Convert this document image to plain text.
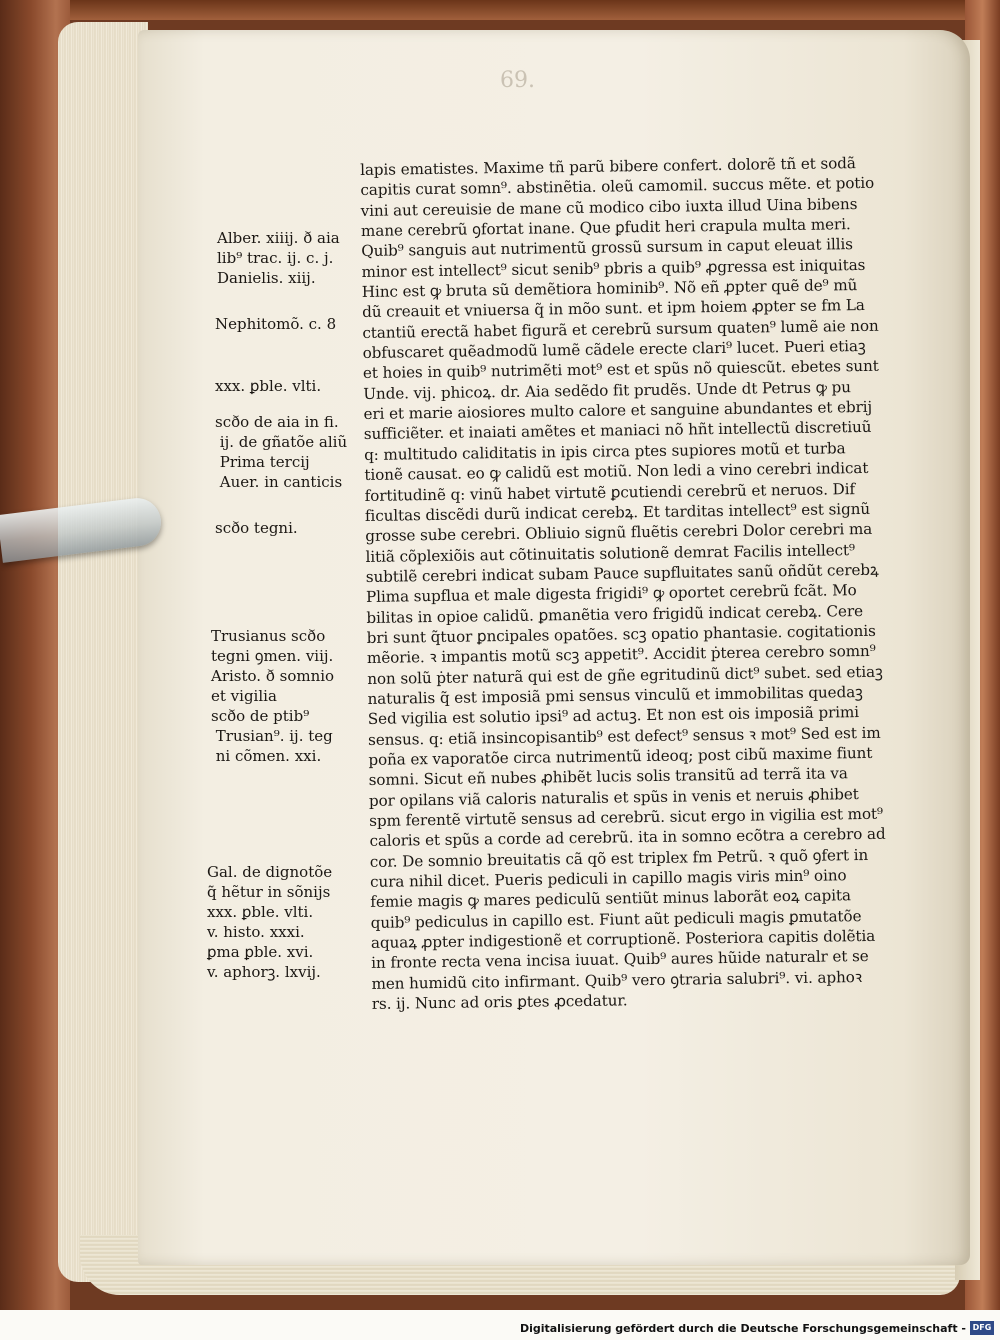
69.
Alber. xiiij. ð aia
lib⁹ trac. ij. c. j.
Danielis. xiij.
Nephitomõ. c. 8
xxx. ꝑble. vlti.
scðo de aia in fi.
ij. de gñatõe aliũ
Prima tercij
Auer. in canticis
scðo tegni.
Trusianus scðo
tegni ꝯmen. viij.
Aristo. ð somnio
et vigilia
scðo de ptib⁹
Trusian⁹. ij. teg
ni cõmen. xxi.
Gal. de dignotõe
q̃ hẽtur in sõnijs
xxx. ꝑble. vlti.
v. histo. xxxi.
ꝑma ꝑble. xvi.
v. aphorꝫ. lxvij.
lapis ematistes. Maxime tñ parũ bibere confert. dolorẽ tñ et sodã
capitis curat somn⁹. abstinẽtia. oleũ camomil. succus mẽte. et potio
vini aut cereuisie de mane cũ modico cibo iuxta illud Uina bibens
mane cerebrũ ꝯfortat inane. Que ꝑfudit heri crapula multa meri.
Quib⁹ sanguis aut nutrimentũ grossũ sursum in caput eleuat illis
minor est intellect⁹ sicut senib⁹ pbris a quib⁹ ꝓgressa est iniquitas
Hinc est ꝙ bruta sũ demẽtiora hominib⁹. Nõ eñ ꝓpter quẽ de⁹ mũ
dũ creauit et vniuersa q̃ in mõo sunt. et ipm hoiem ꝓpter se fm La
ctantiũ erectã habet figurã et cerebrũ sursum quaten⁹ lumẽ aie non
obfuscaret quẽadmodũ lumẽ cãdele erecte clari⁹ lucet. Pueri etiaꝫ
et hoies in quib⁹ nutrimẽti mot⁹ est et spũs nõ quiescũt. ebetes sunt
Unde. vij. phicoꝝ. dr. Aia sedẽdo fit prudẽs. Unde dt Petrus ꝙ pu
eri et marie aiosiores multo calore et sanguine abundantes et ebrij
sufficiẽter. et inaiati amẽtes et maniaci nõ hñt intellectũ discretiuũ
q: multitudo caliditatis in ipis circa ptes supiores motũ et turba
tionẽ causat. eo ꝙ calidũ est motiũ. Non ledi a vino cerebri indicat
fortitudinẽ q: vinũ habet virtutẽ ꝑcutiendi cerebrũ et neruos. Dif
ficultas discẽdi durũ indicat cerebꝝ. Et tarditas intellect⁹ est signũ
grosse sube cerebri. Obliuio signũ fluẽtis cerebri Dolor cerebri ma
litiã cõplexiõis aut cõtinuitatis solutionẽ demrat Facilis intellect⁹
subtilẽ cerebri indicat subam Pauce supfluitates sanũ oñdũt cerebꝝ
Plima supflua et male digesta frigidi⁹ ꝙ oportet cerebrũ fcãt. Mo
bilitas in opioe calidũ. ꝑmanẽtia vero frigidũ indicat cerebꝝ. Cere
bri sunt q̃tuor ꝑncipales opatões. scꝫ opatio phantasie. cogitationis
mẽorie. ꝛ impantis motũ scꝫ appetit⁹. Accidit ṗterea cerebro somn⁹
non solũ ṗter naturã qui est de gñe egritudinũ dict⁹ subet. sed etiaꝫ
naturalis q̃ est imposiã pmi sensus vinculũ et immobilitas quedaꝫ
Sed vigilia est solutio ipsi⁹ ad actuꝫ. Et non est ois imposiã primi
sensus. q: etiã insincopisantib⁹ est defect⁹ sensus ꝛ mot⁹ Sed est im
poña ex vaporatõe circa nutrimentũ ideoq; post cibũ maxime fiunt
somni. Sicut eñ nubes ꝓhibẽt lucis solis transitũ ad terrã ita va
por opilans viã caloris naturalis et spũs in venis et neruis ꝓhibet
spm ferentẽ virtutẽ sensus ad cerebrũ. sicut ergo in vigilia est mot⁹
caloris et spũs a corde ad cerebrũ. ita in somno ecõtra a cerebro ad
cor. De somnio breuitatis cã qõ est triplex fm Petrũ. ꝛ quõ ꝯfert in
cura nihil dicet. Pueris pediculi in capillo magis viris min⁹ oino
femie magis ꝙ mares pediculũ sentiũt minus laborãt eoꝝ capita
quib⁹ pediculus in capillo est. Fiunt aũt pediculi magis ꝑmutatõe
aquaꝝ ꝓpter indigestionẽ et corruptionẽ. Posteriora capitis dolẽtia
in fronte recta vena incisa iuuat. Quib⁹ aures hũide naturalr et se
men humidũ cito infirmant. Quib⁹ vero ꝯtraria salubri⁹. vi. aphoꝛ
rs. ij. Nunc ad oris ꝑtes ꝓcedatur.
Digitalisierung gefördert durch die Deutsche Forschungsgemeinschaft - DFG
